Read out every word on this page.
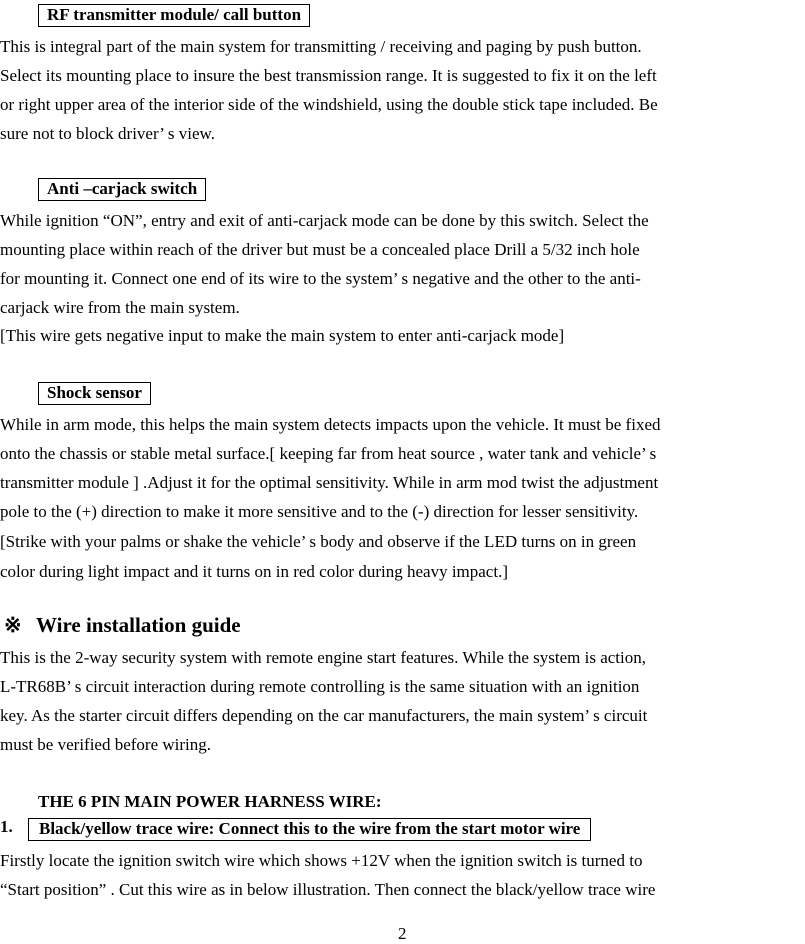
RF transmitter module/ call button
This is integral part of the main system for transmitting / receiving and paging by push button.
Select its mounting place to insure the best transmission range. It is suggested to fix it on the left
or right upper area of the interior side of the windshield, using the double stick tape included. Be
sure not to block driver’ s view.
Anti –carjack switch
While ignition “ON”, entry and exit of anti-carjack mode can be done by this switch. Select the
mounting place within reach of the driver but must be a concealed place Drill a 5/32 inch hole
for mounting it. Connect one end of its wire to the system’ s negative and the other to the anti-
carjack wire from the main system.
[This wire gets negative input to make the main system to enter anti-carjack mode]
Shock sensor
While in arm mode, this helps the main system detects impacts upon the vehicle. It must be fixed
onto the chassis or stable metal surface.[ keeping far from heat source , water tank and vehicle’ s
transmitter module ] .Adjust it for the optimal sensitivity. While in arm mod twist the adjustment
pole to the (+) direction to make it more sensitive and to the (-) direction for lesser sensitivity.
[Strike with your palms or shake the vehicle’ s body and observe if the LED turns on in green
color during light impact and it turns on in red color during heavy impact.]
※ Wire installation guide
This is the 2-way security system with remote engine start features. While the system is action,
L-TR68B’ s circuit interaction during remote controlling is the same situation with an ignition
key. As the starter circuit differs depending on the car manufacturers, the main system’ s circuit
must be verified before wiring.
THE 6 PIN MAIN POWER HARNESS WIRE:
1.	Black/yellow trace wire: Connect this to the wire from the start motor wire
Firstly locate the ignition switch wire which shows +12V when the ignition switch is turned to
“Start position” . Cut this wire as in below illustration. Then connect the black/yellow trace wire
2
